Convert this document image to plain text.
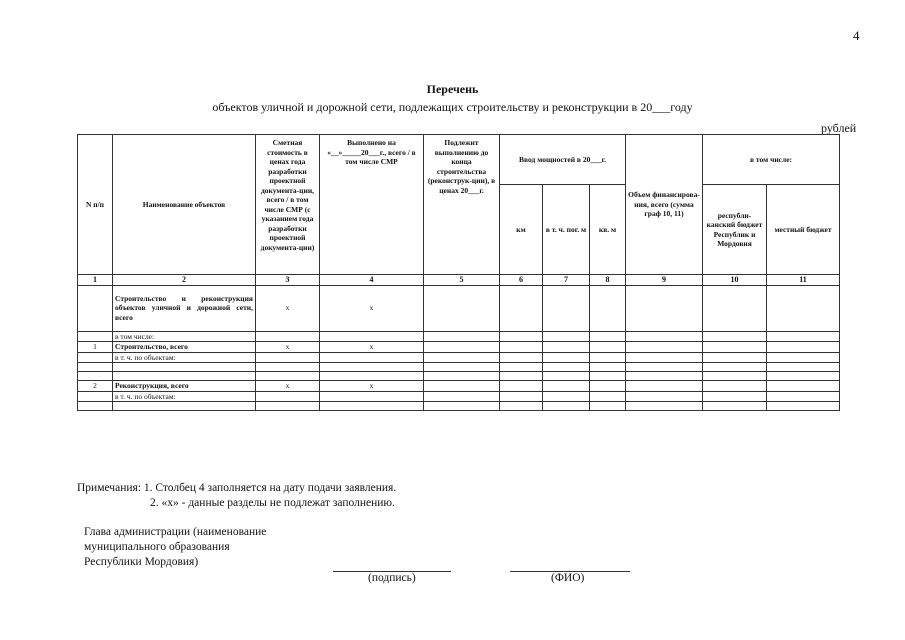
4
Перечень
объектов уличной и дорожной сети, подлежащих строительству и реконструкции в 20___году
рублей
N п/п	Наименование объектов	Сметная стоимость в ценах года разработки проектной документа-ции, всего / в том числе СМР (с указанием года разработки проектной документа-ции)	Выполнено на «__»_____20___г., всего / в том числе СМР	Подлежит выполнению до конца строительства (реконструк-ции), в ценах 20___г.	Ввод мощностей в 20___г.			Объем финансирова-ния, всего (сумма граф 10, 11)	в том числе:	
									республи-канский бюджет Республик и Мордовия	местный бюджет
					км	в т. ч. пог. м	кв. м			
1	2	3	4	5	6	7	8	9	10	11
	Строительство и реконструкция объектов уличной и дорожной сети, всего	х	х							
	в том числе:									
1	Строительство, всего	х	х							
	в т. ч. по объектам:									

2	Реконструкция, всего	х	х							
	в т. ч. по объектам:									

Примечания: 1. Столбец 4 заполняется на дату подачи заявления.
2. «х» - данные разделы не подлежат заполнению.
Глава администрации (наименование
муниципального образования
Республики Мордовия)
(подпись)	(ФИО)
